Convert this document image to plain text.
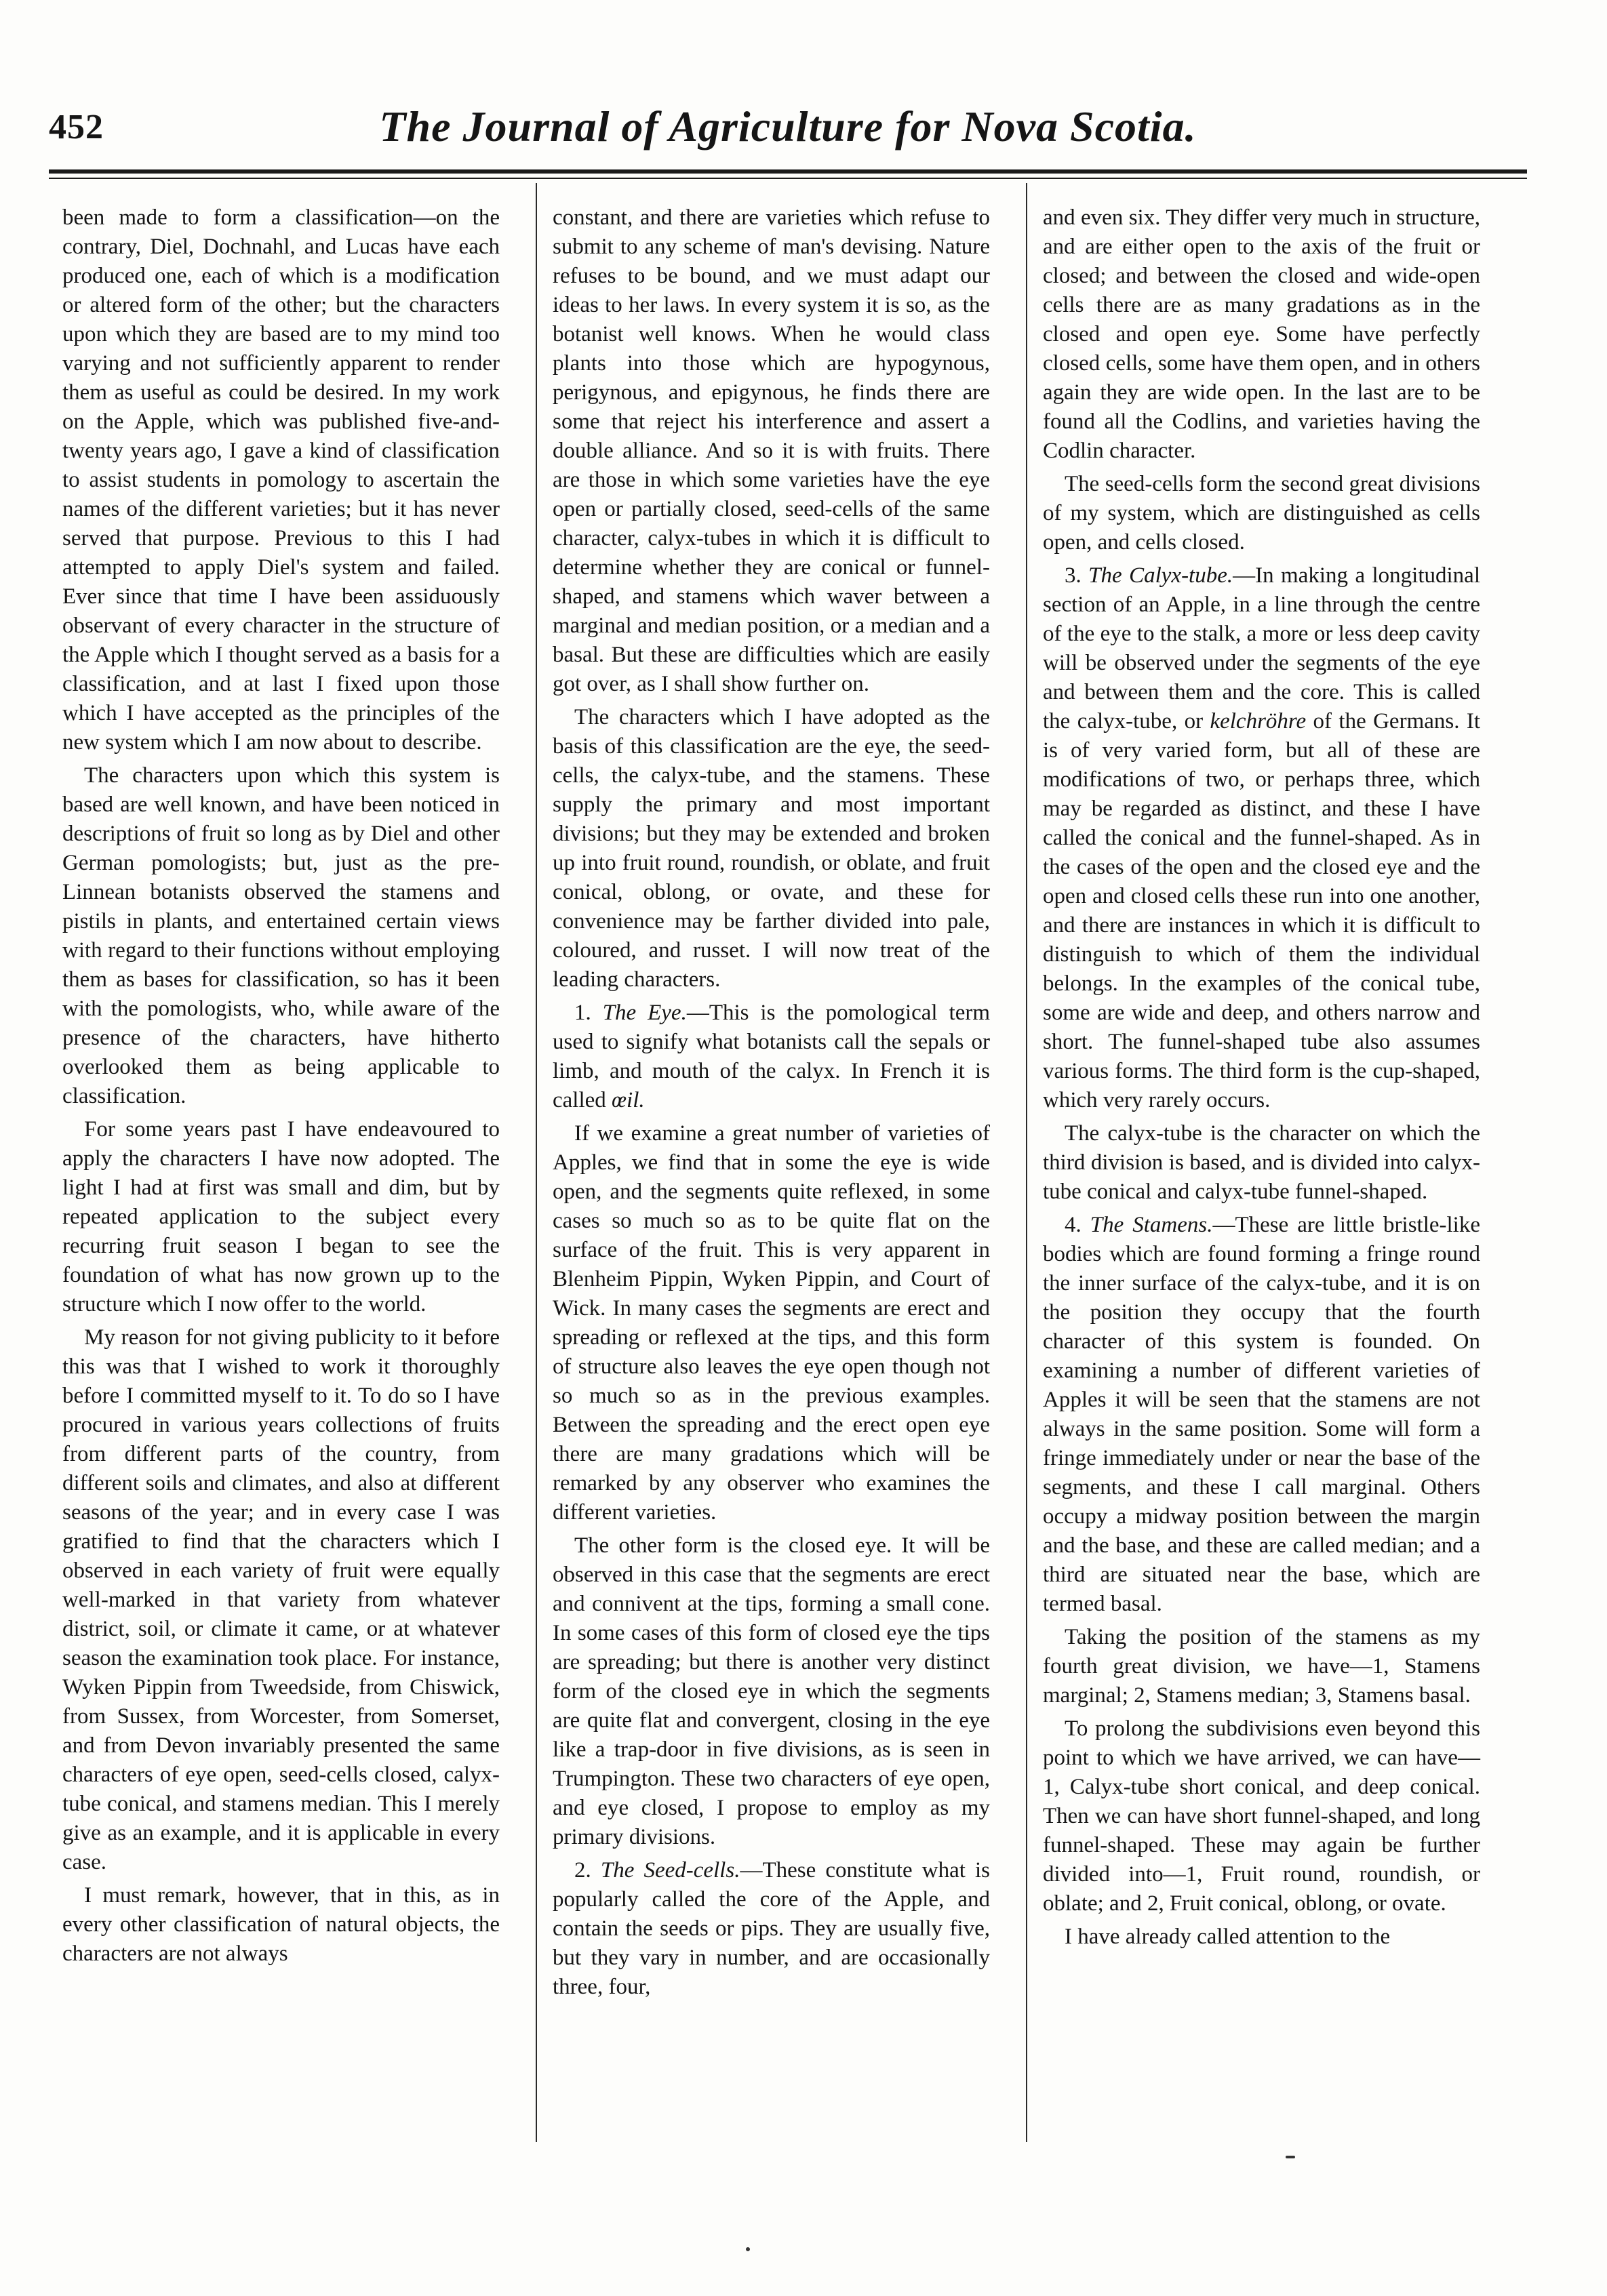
452	The Journal of Agriculture for Nova Scotia.

been made to form a classification—on the contrary, Diel, Dochnahl, and Lucas have each produced one, each of which is a modification or altered form of the other; but the characters upon which they are based are to my mind too varying and not sufficiently apparent to render them as useful as could be desired. In my work on the Apple, which was published five-and-twenty years ago, I gave a kind of classification to assist students in pomology to ascertain the names of the different varieties; but it has never served that purpose. Previous to this I had attempted to apply Diel's system and failed. Ever since that time I have been assiduously observant of every character in the structure of the Apple which I thought served as a basis for a classification, and at last I fixed upon those which I have accepted as the principles of the new system which I am now about to describe.

The characters upon which this system is based are well known, and have been noticed in descriptions of fruit so long as by Diel and other German pomologists; but, just as the pre-Linnean botanists observed the stamens and pistils in plants, and entertained certain views with regard to their functions without employing them as bases for classification, so has it been with the pomologists, who, while aware of the presence of the characters, have hitherto overlooked them as being applicable to classification.

For some years past I have endeavoured to apply the characters I have now adopted. The light I had at first was small and dim, but by repeated application to the subject every recurring fruit season I began to see the foundation of what has now grown up to the structure which I now offer to the world.

My reason for not giving publicity to it before this was that I wished to work it thoroughly before I committed myself to it. To do so I have procured in various years collections of fruits from different parts of the country, from different soils and climates, and also at different seasons of the year; and in every case I was gratified to find that the characters which I observed in each variety of fruit were equally well-marked in that variety from whatever district, soil, or climate it came, or at whatever season the examination took place. For instance, Wyken Pippin from Tweedside, from Chiswick, from Sussex, from Worcester, from Somerset, and from Devon invariably presented the same characters of eye open, seed-cells closed, calyx-tube conical, and stamens median. This I merely give as an example, and it is applicable in every case.

I must remark, however, that in this, as in every other classification of natural objects, the characters are not always

constant, and there are varieties which refuse to submit to any scheme of man's devising. Nature refuses to be bound, and we must adapt our ideas to her laws. In every system it is so, as the botanist well knows. When he would class plants into those which are hypogynous, perigynous, and epigynous, he finds there are some that reject his interference and assert a double alliance. And so it is with fruits. There are those in which some varieties have the eye open or partially closed, seed-cells of the same character, calyx-tubes in which it is difficult to determine whether they are conical or funnel-shaped, and stamens which waver between a marginal and median position, or a median and a basal. But these are difficulties which are easily got over, as I shall show further on.

The characters which I have adopted as the basis of this classification are the eye, the seed-cells, the calyx-tube, and the stamens. These supply the primary and most important divisions; but they may be extended and broken up into fruit round, roundish, or oblate, and fruit conical, oblong, or ovate, and these for convenience may be farther divided into pale, coloured, and russet. I will now treat of the leading characters.

1. The Eye.—This is the pomological term used to signify what botanists call the sepals or limb, and mouth of the calyx. In French it is called œil.

If we examine a great number of varieties of Apples, we find that in some the eye is wide open, and the segments quite reflexed, in some cases so much so as to be quite flat on the surface of the fruit. This is very apparent in Blenheim Pippin, Wyken Pippin, and Court of Wick. In many cases the segments are erect and spreading or reflexed at the tips, and this form of structure also leaves the eye open though not so much so as in the previous examples. Between the spreading and the erect open eye there are many gradations which will be remarked by any observer who examines the different varieties.

The other form is the closed eye. It will be observed in this case that the segments are erect and connivent at the tips, forming a small cone. In some cases of this form of closed eye the tips are spreading; but there is another very distinct form of the closed eye in which the segments are quite flat and convergent, closing in the eye like a trap-door in five divisions, as is seen in Trumpington. These two characters of eye open, and eye closed, I propose to employ as my primary divisions.

2. The Seed-cells.—These constitute what is popularly called the core of the Apple, and contain the seeds or pips. They are usually five, but they vary in number, and are occasionally three, four,

and even six. They differ very much in structure, and are either open to the axis of the fruit or closed; and between the closed and wide-open cells there are as many gradations as in the closed and open eye. Some have perfectly closed cells, some have them open, and in others again they are wide open. In the last are to be found all the Codlins, and varieties having the Codlin character.

The seed-cells form the second great divisions of my system, which are distinguished as cells open, and cells closed.

3. The Calyx-tube.—In making a longitudinal section of an Apple, in a line through the centre of the eye to the stalk, a more or less deep cavity will be observed under the segments of the eye and between them and the core. This is called the calyx-tube, or kelchröhre of the Germans. It is of very varied form, but all of these are modifications of two, or perhaps three, which may be regarded as distinct, and these I have called the conical and the funnel-shaped. As in the cases of the open and the closed eye and the open and closed cells these run into one another, and there are instances in which it is difficult to distinguish to which of them the individual belongs. In the examples of the conical tube, some are wide and deep, and others narrow and short. The funnel-shaped tube also assumes various forms. The third form is the cup-shaped, which very rarely occurs.

The calyx-tube is the character on which the third division is based, and is divided into calyx-tube conical and calyx-tube funnel-shaped.

4. The Stamens.—These are little bristle-like bodies which are found forming a fringe round the inner surface of the calyx-tube, and it is on the position they occupy that the fourth character of this system is founded. On examining a number of different varieties of Apples it will be seen that the stamens are not always in the same position. Some will form a fringe immediately under or near the base of the segments, and these I call marginal. Others occupy a midway position between the margin and the base, and these are called median; and a third are situated near the base, which are termed basal.

Taking the position of the stamens as my fourth great division, we have—1, Stamens marginal; 2, Stamens median; 3, Stamens basal.

To prolong the subdivisions even beyond this point to which we have arrived, we can have—1, Calyx-tube short conical, and deep conical. Then we can have short funnel-shaped, and long funnel-shaped. These may again be further divided into—1, Fruit round, roundish, or oblate; and 2, Fruit conical, oblong, or ovate.

I have already called attention to the
